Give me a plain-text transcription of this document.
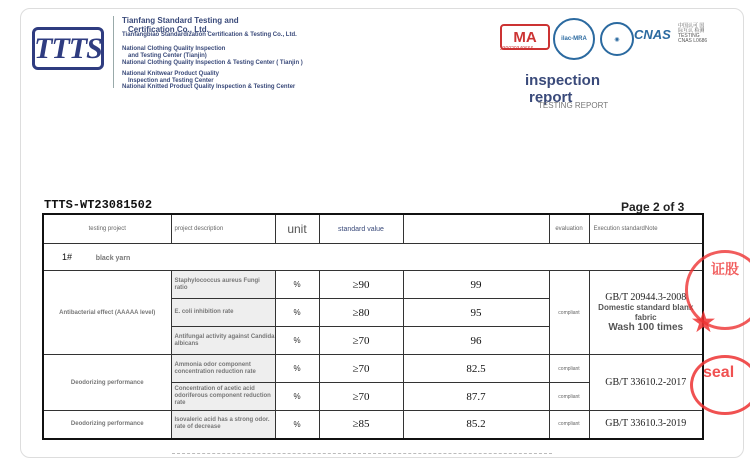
TTTS
Tianfang Standard Testing and
Certification Co., Ltd.
Tianfangbiao Standardization Certification & Testing Co., Ltd.
National Clothing Quality Inspection
and Testing Center (Tianjin)
National Clothing Quality Inspection & Testing Center ( Tianjin )
National Knitwear Product Quality
Inspection and Testing Center
National Knitted Product Quality Inspection & Testing Center
MA
230020349666
ilac-MRA	◉	CNAS
中国认可 国际互认 检测 TESTING CNAS L0686
inspection
report
TESTING REPORT
TTTS-WT23081502	Page 2 of 3
testing project	project description	unit	standard value		evaluation	Execution standardNote
1# black yarn						
Antibacterial effect (AAAAA level)	Staphylococcus aureus Fungi ratio	%	≥90	99	compliant	GB/T 20944.3-2008
Domestic standard blank fabric
Wash 100 times

	E. coli inhibition rate	%	≥80	95		
	Antifungal activity against Candida albicans	%	≥70	96		
Deodorizing performance	Ammonia odor component concentration reduction rate	%	≥70	82.5	compliant	GB/T 33610.2-2017
	Concentration of acetic acid odoriferous component reduction rate	%	≥70	87.7	compliant	
Deodorizing performance	Isovaleric acid has a strong odor. rate of decrease	%	≥85	85.2	compliant	GB/T 33610.3-2019
证股
★
seal
